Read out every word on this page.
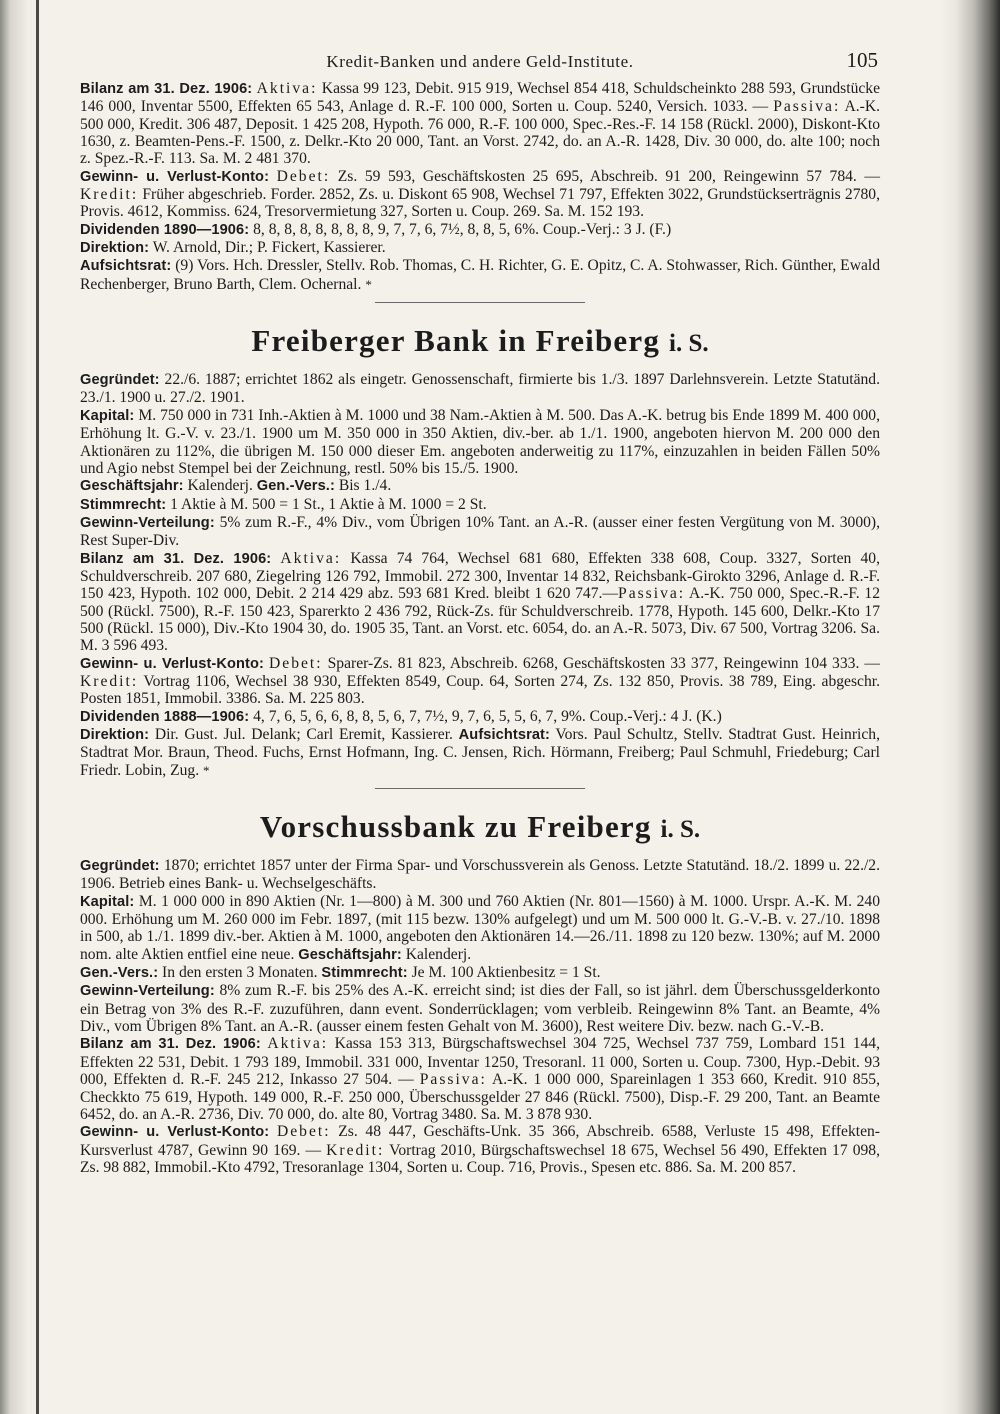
Kredit-Banken und andere Geld-Institute.	105

Bilanz am 31. Dez. 1906: Aktiva: Kassa 99 123, Debit. 915 919, Wechsel 854 418, Schuldscheinkto 288 593, Grundstücke 146 000, Inventar 5500, Effekten 65 543, Anlage d. R.-F. 100 000, Sorten u. Coup. 5240, Versich. 1033. — Passiva: A.-K. 500 000, Kredit. 306 487, Deposit. 1 425 208, Hypoth. 76 000, R.-F. 100 000, Spec.-Res.-F. 14 158 (Rückl. 2000), Diskont-Kto 1630, z. Beamten-Pens.-F. 1500, z. Delkr.-Kto 20 000, Tant. an Vorst. 2742, do. an A.-R. 1428, Div. 30 000, do. alte 100; noch z. Spez.-R.-F. 113. Sa. M. 2 481 370.

Gewinn- u. Verlust-Konto: Debet: Zs. 59 593, Geschäftskosten 25 695, Abschreib. 91 200, Reingewinn 57 784. — Kredit: Früher abgeschrieb. Forder. 2852, Zs. u. Diskont 65 908, Wechsel 71 797, Effekten 3022, Grundstückserträgnis 2780, Provis. 4612, Kommiss. 624, Tresorvermietung 327, Sorten u. Coup. 269. Sa. M. 152 193.

Dividenden 1890—1906: 8, 8, 8, 8, 8, 8, 8, 8, 9, 7, 7, 6, 7½, 8, 8, 5, 6%. Coup.-Verj.: 3 J. (F.)

Direktion: W. Arnold, Dir.; P. Fickert, Kassierer.

Aufsichtsrat: (9) Vors. Hch. Dressler, Stellv. Rob. Thomas, C. H. Richter, G. E. Opitz, C. A. Stohwasser, Rich. Günther, Ewald Rechenberger, Bruno Barth, Clem. Ochernal. *

Freiberger Bank in Freiberg i. S.

Gegründet: 22./6. 1887; errichtet 1862 als eingetr. Genossenschaft, firmierte bis 1./3. 1897 Darlehnsverein. Letzte Statutänd. 23./1. 1900 u. 27./2. 1901.

Kapital: M. 750 000 in 731 Inh.-Aktien à M. 1000 und 38 Nam.-Aktien à M. 500. Das A.-K. betrug bis Ende 1899 M. 400 000, Erhöhung lt. G.-V. v. 23./1. 1900 um M. 350 000 in 350 Aktien, div.-ber. ab 1./1. 1900, angeboten hiervon M. 200 000 den Aktionären zu 112%, die übrigen M. 150 000 dieser Em. angeboten anderweitig zu 117%, einzuzahlen in beiden Fällen 50% und Agio nebst Stempel bei der Zeichnung, restl. 50% bis 15./5. 1900.

Geschäftsjahr: Kalenderj. Gen.-Vers.: Bis 1./4.

Stimmrecht: 1 Aktie à M. 500 = 1 St., 1 Aktie à M. 1000 = 2 St.

Gewinn-Verteilung: 5% zum R.-F., 4% Div., vom Übrigen 10% Tant. an A.-R. (ausser einer festen Vergütung von M. 3000), Rest Super-Div.

Bilanz am 31. Dez. 1906: Aktiva: Kassa 74 764, Wechsel 681 680, Effekten 338 608, Coup. 3327, Sorten 40, Schuldverschreib. 207 680, Ziegelring 126 792, Immobil. 272 300, Inventar 14 832, Reichsbank-Girokto 3296, Anlage d. R.-F. 150 423, Hypoth. 102 000, Debit. 2 214 429 abz. 593 681 Kred. bleibt 1 620 747.—Passiva: A.-K. 750 000, Spec.-R.-F. 12 500 (Rückl. 7500), R.-F. 150 423, Sparerkto 2 436 792, Rück-Zs. für Schuldverschreib. 1778, Hypoth. 145 600, Delkr.-Kto 17 500 (Rückl. 15 000), Div.-Kto 1904 30, do. 1905 35, Tant. an Vorst. etc. 6054, do. an A.-R. 5073, Div. 67 500, Vortrag 3206. Sa. M. 3 596 493.

Gewinn- u. Verlust-Konto: Debet: Sparer-Zs. 81 823, Abschreib. 6268, Geschäftskosten 33 377, Reingewinn 104 333. — Kredit: Vortrag 1106, Wechsel 38 930, Effekten 8549, Coup. 64, Sorten 274, Zs. 132 850, Provis. 38 789, Eing. abgeschr. Posten 1851, Immobil. 3386. Sa. M. 225 803.

Dividenden 1888—1906: 4, 7, 6, 5, 6, 6, 8, 8, 5, 6, 7, 7½, 9, 7, 6, 5, 5, 6, 7, 9%. Coup.-Verj.: 4 J. (K.)

Direktion: Dir. Gust. Jul. Delank; Carl Eremit, Kassierer. Aufsichtsrat: Vors. Paul Schultz, Stellv. Stadtrat Gust. Heinrich, Stadtrat Mor. Braun, Theod. Fuchs, Ernst Hofmann, Ing. C. Jensen, Rich. Hörmann, Freiberg; Paul Schmuhl, Friedeburg; Carl Friedr. Lobin, Zug. *

Vorschussbank zu Freiberg i. S.

Gegründet: 1870; errichtet 1857 unter der Firma Spar- und Vorschussverein als Genoss. Letzte Statutänd. 18./2. 1899 u. 22./2. 1906. Betrieb eines Bank- u. Wechselgeschäfts.

Kapital: M. 1 000 000 in 890 Aktien (Nr. 1—800) à M. 300 und 760 Aktien (Nr. 801—1560) à M. 1000. Urspr. A.-K. M. 240 000. Erhöhung um M. 260 000 im Febr. 1897, (mit 115 bezw. 130% aufgelegt) und um M. 500 000 lt. G.-V.-B. v. 27./10. 1898 in 500, ab 1./1. 1899 div.-ber. Aktien à M. 1000, angeboten den Aktionären 14.—26./11. 1898 zu 120 bezw. 130%; auf M. 2000 nom. alte Aktien entfiel eine neue. Geschäftsjahr: Kalenderj.

Gen.-Vers.: In den ersten 3 Monaten. Stimmrecht: Je M. 100 Aktienbesitz = 1 St.

Gewinn-Verteilung: 8% zum R.-F. bis 25% des A.-K. erreicht sind; ist dies der Fall, so ist jährl. dem Überschussgelderkonto ein Betrag von 3% des R.-F. zuzuführen, dann event. Sonderrücklagen; vom verbleib. Reingewinn 8% Tant. an Beamte, 4% Div., vom Übrigen 8% Tant. an A.-R. (ausser einem festen Gehalt von M. 3600), Rest weitere Div. bezw. nach G.-V.-B.

Bilanz am 31. Dez. 1906: Aktiva: Kassa 153 313, Bürgschaftswechsel 304 725, Wechsel 737 759, Lombard 151 144, Effekten 22 531, Debit. 1 793 189, Immobil. 331 000, Inventar 1250, Tresoranl. 11 000, Sorten u. Coup. 7300, Hyp.-Debit. 93 000, Effekten d. R.-F. 245 212, Inkasso 27 504. — Passiva: A.-K. 1 000 000, Spareinlagen 1 353 660, Kredit. 910 855, Checkkto 75 619, Hypoth. 149 000, R.-F. 250 000, Überschussgelder 27 846 (Rückl. 7500), Disp.-F. 29 200, Tant. an Beamte 6452, do. an A.-R. 2736, Div. 70 000, do. alte 80, Vortrag 3480. Sa. M. 3 878 930.

Gewinn- u. Verlust-Konto: Debet: Zs. 48 447, Geschäfts-Unk. 35 366, Abschreib. 6588, Verluste 15 498, Effekten-Kursverlust 4787, Gewinn 90 169. — Kredit: Vortrag 2010, Bürgschaftswechsel 18 675, Wechsel 56 490, Effekten 17 098, Zs. 98 882, Immobil.-Kto 4792, Tresoranlage 1304, Sorten u. Coup. 716, Provis., Spesen etc. 886. Sa. M. 200 857.
